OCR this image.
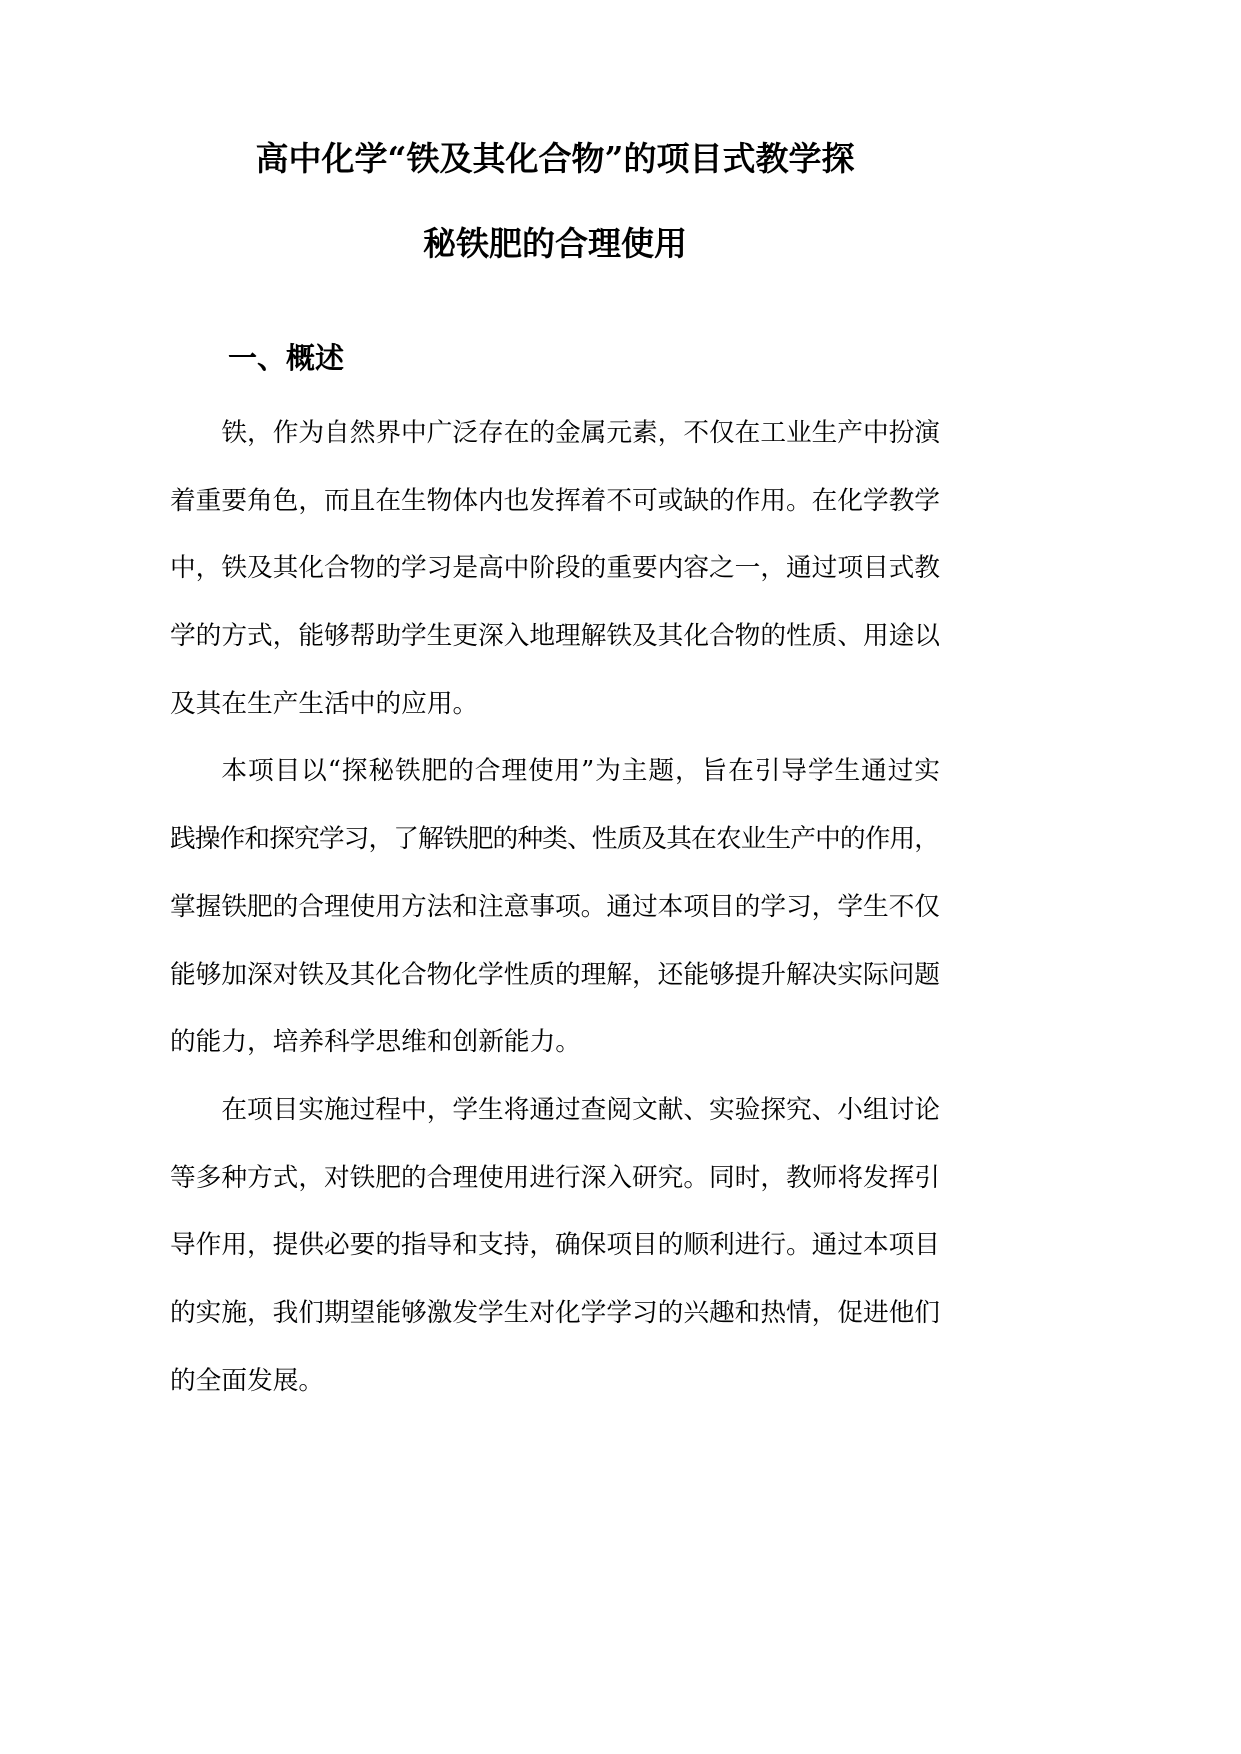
高中化学“铁及其化合物”的项目式教学探
秘铁肥的合理使用
一、概述
铁，作为自然界中广泛存在的金属元素，不仅在工业生产中扮演
着重要角色，而且在生物体内也发挥着不可或缺的作用。在化学教学
中，铁及其化合物的学习是高中阶段的重要内容之一，通过项目式教
学的方式，能够帮助学生更深入地理解铁及其化合物的性质、用途以
及其在生产生活中的应用。
本项目以“探秘铁肥的合理使用”为主题，旨在引导学生通过实
践操作和探究学习，了解铁肥的种类、性质及其在农业生产中的作用，
掌握铁肥的合理使用方法和注意事项。通过本项目的学习，学生不仅
能够加深对铁及其化合物化学性质的理解，还能够提升解决实际问题
的能力，培养科学思维和创新能力。
在项目实施过程中，学生将通过查阅文献、实验探究、小组讨论
等多种方式，对铁肥的合理使用进行深入研究。同时，教师将发挥引
导作用，提供必要的指导和支持，确保项目的顺利进行。通过本项目
的实施，我们期望能够激发学生对化学学习的兴趣和热情，促进他们
的全面发展。
